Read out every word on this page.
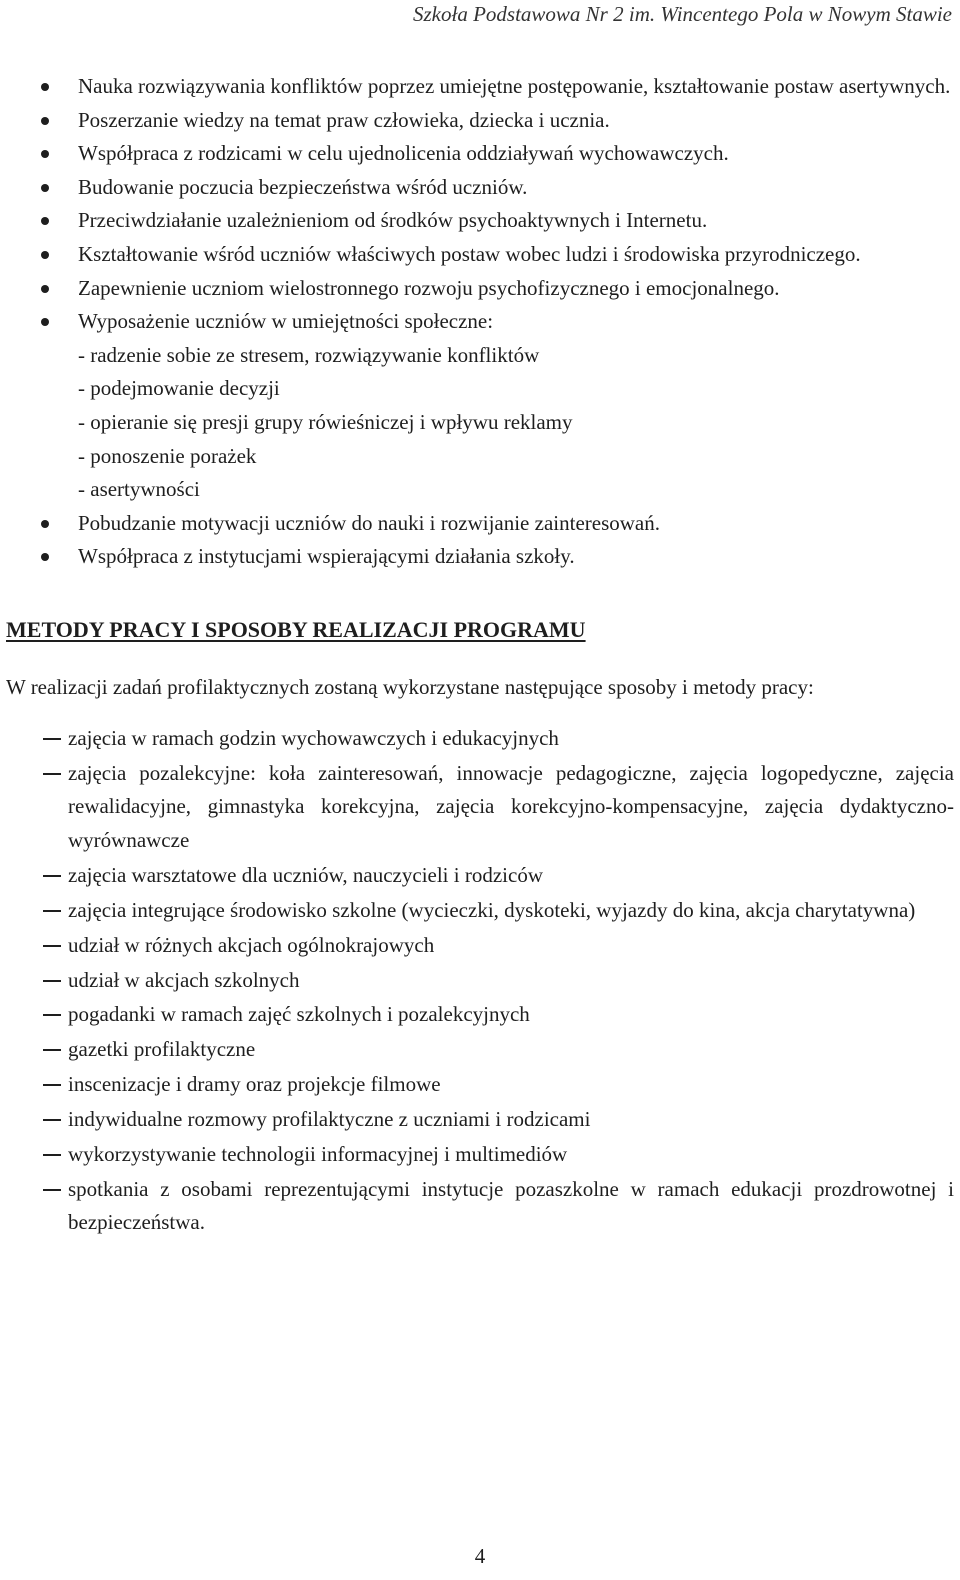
Szkoła Podstawowa Nr 2 im. Wincentego Pola w Nowym Stawie
Nauka rozwiązywania konfliktów poprzez umiejętne postępowanie, kształtowanie postaw asertywnych.
Poszerzanie wiedzy na temat praw człowieka, dziecka i ucznia.
Współpraca z rodzicami w celu ujednolicenia oddziaływań wychowawczych.
Budowanie poczucia bezpieczeństwa wśród uczniów.
Przeciwdziałanie uzależnieniom od środków psychoaktywnych i Internetu.
Kształtowanie wśród uczniów właściwych postaw wobec ludzi i środowiska przyrodniczego.
Zapewnienie uczniom wielostronnego rozwoju psychofizycznego i emocjonalnego.
Wyposażenie uczniów w umiejętności społeczne:
- radzenie sobie ze stresem, rozwiązywanie konfliktów
- podejmowanie decyzji
- opieranie się presji grupy rówieśniczej i wpływu reklamy
- ponoszenie porażek
- asertywności
Pobudzanie motywacji uczniów do nauki i rozwijanie zainteresowań.
Współpraca z instytucjami wspierającymi działania szkoły.
METODY PRACY I SPOSOBY REALIZACJI PROGRAMU

W realizacji zadań profilaktycznych zostaną wykorzystane następujące sposoby i metody pracy:

zajęcia w ramach godzin wychowawczych i edukacyjnych
zajęcia pozalekcyjne: koła zainteresowań, innowacje pedagogiczne, zajęcia logopedyczne, zajęcia rewalidacyjne, gimnastyka korekcyjna, zajęcia korekcyjno-kompensacyjne, zajęcia dydaktyczno-wyrównawcze
zajęcia warsztatowe dla uczniów, nauczycieli i rodziców
zajęcia integrujące środowisko szkolne (wycieczki, dyskoteki, wyjazdy do kina, akcja charytatywna)
udział w różnych akcjach ogólnokrajowych
udział w akcjach szkolnych
pogadanki w ramach zajęć szkolnych i pozalekcyjnych
gazetki profilaktyczne
inscenizacje i dramy oraz projekcje filmowe
indywidualne rozmowy profilaktyczne z uczniami i rodzicami
wykorzystywanie technologii informacyjnej i multimediów
spotkania z osobami reprezentującymi instytucje pozaszkolne w ramach edukacji prozdrowotnej i bezpieczeństwa.
4
